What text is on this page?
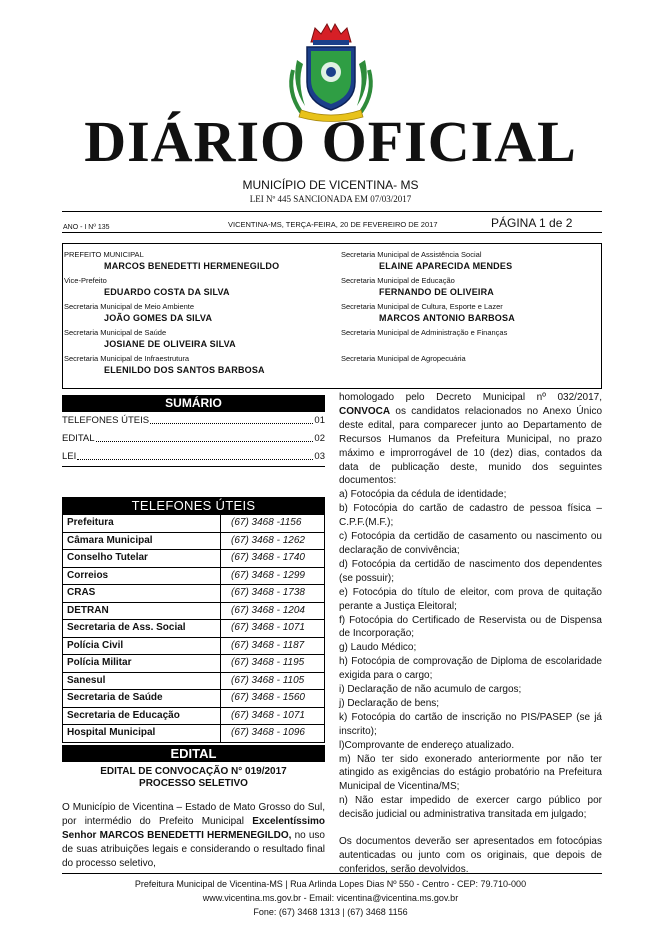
DIÁRIO OFICIAL
MUNICÍPIO DE VICENTINA- MS
LEI Nº 445 SANCIONADA EM 07/03/2017
ANO - I Nº 135	VICENTINA-MS, TERÇA-FEIRA, 20 DE FEVEREIRO DE 2017	PÁGINA 1 de 2
PREFEITO MUNICIPAL
MARCOS BENEDETTI HERMENEGILDO
Vice-Prefeito
EDUARDO COSTA DA SILVA
Secretaria Municipal de Meio Ambiente
JOÃO GOMES DA SILVA
Secretaria Municipal de Saúde
JOSIANE DE OLIVEIRA SILVA
Secretaria Municipal de Infraestrutura
ELENILDO DOS SANTOS BARBOSA
Secretaria Municipal de Assistência Social
ELAINE APARECIDA MENDES
Secretaria Municipal de Educação
FERNANDO DE OLIVEIRA
Secretaria Municipal de Cultura, Esporte e Lazer
MARCOS ANTONIO BARBOSA
Secretaria Municipal de Administração e Finanças
Secretaria Municipal de Agropecuária
SUMÁRIO
TELEFONES ÚTEIS	01
EDITAL	02
LEI	03
TELEFONES ÚTEIS
Prefeitura	(67) 3468 -1156
Câmara Municipal	(67) 3468 - 1262
Conselho Tutelar	(67) 3468 - 1740
Correios	(67) 3468 - 1299
CRAS	(67) 3468 - 1738
DETRAN	(67) 3468 - 1204
Secretaria de Ass. Social	(67) 3468 - 1071
Polícia Civil	(67) 3468 - 1187
Polícia Militar	(67) 3468 - 1195
Sanesul	(67) 3468 - 1105
Secretaria de Saúde	(67) 3468 - 1560
Secretaria de Educação	(67) 3468 - 1071
Hospital Municipal	(67) 3468 - 1096
EDITAL
EDITAL DE CONVOCAÇÃO N° 019/2017
PROCESSO SELETIVO
O Município de Vicentina – Estado de Mato Grosso do Sul, por intermédio do Prefeito Municipal Excelentíssimo Senhor MARCOS BENEDETTI HERMENEGILDO, no uso de suas atribuições legais e considerando o resultado final do processo seletivo,

homologado pelo Decreto Municipal nº 032/2017, CONVOCA os candidatos relacionados no Anexo Único deste edital, para comparecer junto ao Departamento de Recursos Humanos da Prefeitura Municipal, no prazo máximo e improrrogável de 10 (dez) dias, contados da data de publicação deste, munido dos seguintes documentos:

a) Fotocópia da cédula de identidade;

b) Fotocópia do cartão de cadastro de pessoa física – C.P.F.(M.F.);

c) Fotocópia da certidão de casamento ou nascimento ou declaração de convivência;

d) Fotocópia da certidão de nascimento dos dependentes (se possuir);

e) Fotocópia do título de eleitor, com prova de quitação perante a Justiça Eleitoral;

f) Fotocópia do Certificado de Reservista ou de Dispensa de Incorporação;

g) Laudo Médico;

h) Fotocópia de comprovação de Diploma de escolaridade exigida para o cargo;

i) Declaração de não acumulo de cargos;

j) Declaração de bens;

k) Fotocópia do cartão de inscrição no PIS/PASEP (se já inscrito);

l)Comprovante de endereço atualizado.

m) Não ter sido exonerado anteriormente por não ter atingido as exigências do estágio probatório na Prefeitura Municipal de Vicentina/MS;

n) Não estar impedido de exercer cargo público por decisão judicial ou administrativa transitada em julgado;

Os documentos deverão ser apresentados em fotocópias autenticadas ou junto com os originais, que depois de conferidos, serão devolvidos.

Prefeitura Municipal de Vicentina-MS | Rua Arlinda Lopes Dias Nº 550 - Centro - CEP: 79.710-000
www.vicentina.ms.gov.br - Email: vicentina@vicentina.ms.gov.br
Fone: (67) 3468 1313 | (67) 3468 1156
